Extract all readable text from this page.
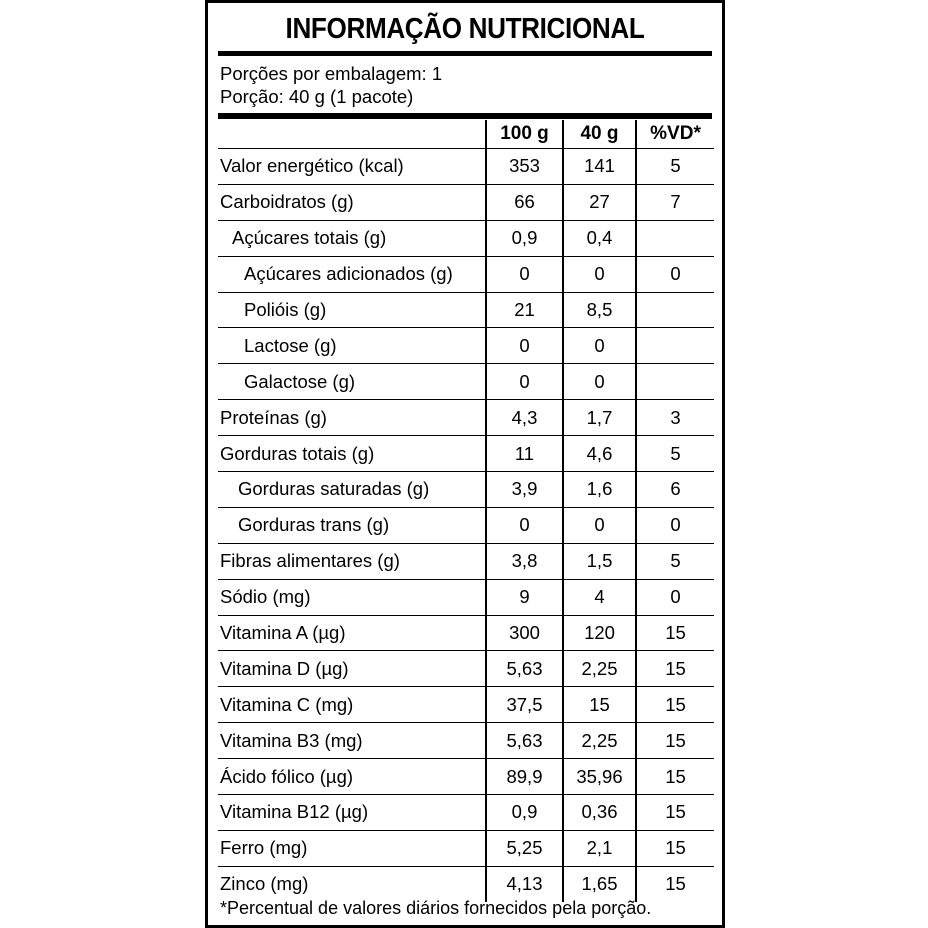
INFORMAÇÃO NUTRICIONAL
Porções por embalagem: 1
Porção: 40 g (1 pacote)
	100 g	40 g	%VD*
Valor energético (kcal)	353	141	5
Carboidratos (g)	66	27	7
Açúcares totais (g)	0,9	0,4	
Açúcares adicionados (g)	0	0	0
Polióis (g)	21	8,5	
Lactose (g)	0	0	
Galactose (g)	0	0	
Proteínas (g)	4,3	1,7	3
Gorduras totais (g)	11	4,6	5
Gorduras saturadas (g)	3,9	1,6	6
Gorduras trans (g)	0	0	0
Fibras alimentares (g)	3,8	1,5	5
Sódio (mg)	9	4	0
Vitamina A (µg)	300	120	15
Vitamina D (µg)	5,63	2,25	15
Vitamina C (mg)	37,5	15	15
Vitamina B3 (mg)	5,63	2,25	15
Ácido fólico (µg)	89,9	35,96	15
Vitamina B12 (µg)	0,9	0,36	15
Ferro (mg)	5,25	2,1	15
Zinco (mg)	4,13	1,65	15
*Percentual de valores diários fornecidos pela porção.
